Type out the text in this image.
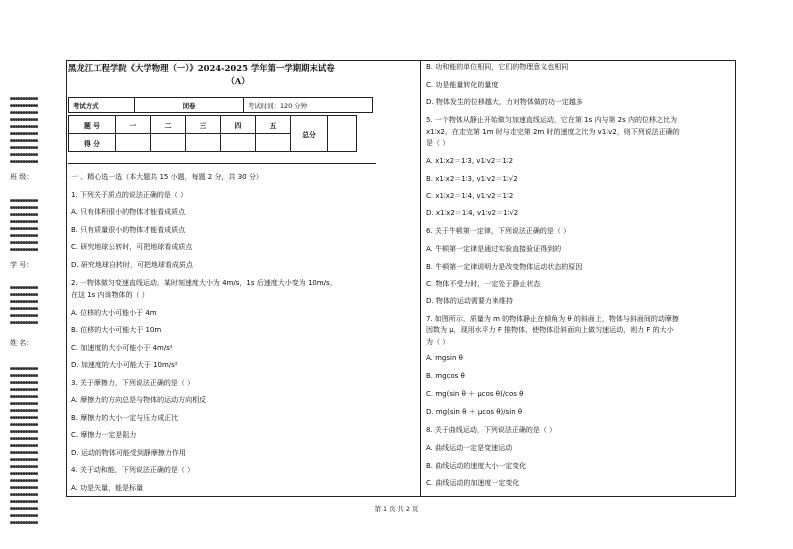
班 级：
学 号：
姓 名：
黑龙江工程学院《大学物理（一）》2024-2025 学年第一学期期末试卷
（A）
考试方式	闭卷	考试时间：120 分钟
题 号	一	二	三	四	五	总分	
得 分							
第 1 页 共 2 页
●●●●●●●●●●●
●●●●●●●●●●●
●●●●●●●●●●●
●●●●●●●●●●●
●●●●●●●●●●●
●●●●●●●●●●●
●●●●●●●●●●●
●●●●●●●●●●●
●●●●●●●●●●●
●●●●●●●●●●●
●●●●●●●●●●●
●●●●●●●●●●●
●●●●●●●●●●●
●●●●●●●●●●●
●●●●●●●●●●●
●●●●●●●●●●●
●●●●●●●●●●●
●●●●●●●●●●●
●●●●●●●●●●●
●●●●●●●●●●●
●●●●●●●●●●●
●●●●●●●●●●●
●●●●●●●●●●●
●●●●●●●●●●●
●●●●●●●●●●●
●●●●●●●●●●●
●●●●●●●●●●●
●●●●●●●●●●●
●●●●●●●●●●●
●●●●●●●●●●●
●●●●●●●●●●●
●●●●●●●●●●●
●●●●●●●●●●●
●●●●●●●●●●●
●●●●●●●●●●●
●●●●●●●●●●●
●●●●●●●●●●●
●●●●●●●●●●●
●●●●●●●●●●●
●●●●●●●●●●●
●●●●●●●●●●●
●●●●●●●●●●●
●●●●●●●●●●●
●●●●●●●●●●●
●●●●●●●●●●●
●●●●●●●●●●●
●●●●●●●●●●●
一 、精心选一选（本大题共 15 小题，每题 2 分，共 30 分）
1. 下列关于质点的说法正确的是（ ）
A. 只有体积很小的物体才能看成质点
B. 只有质量很小的物体才能看成质点
C. 研究地球公转时，可把地球看成质点
D. 研究地球自转时，可把地球看成质点
2. 一物体做匀变速直线运动，某时刻速度大小为 4m/s，1s 后速度大小变为 10m/s，
在这 1s 内该物体的（ ）
A. 位移的大小可能小于 4m
B. 位移的大小可能大于 10m
C. 加速度的大小可能小于 4m/s²
D. 加速度的大小可能大于 10m/s²
3. 关于摩擦力，下列说法正确的是（ ）
A. 摩擦力的方向总是与物体的运动方向相反
B. 摩擦力的大小一定与压力成正比
C. 摩擦力一定是阻力
D. 运动的物体可能受到静摩擦力作用
4. 关于动和能，下列说法正确的是（ ）
A. 功是矢量，能是标量
B. 功和能的单位相同，它们的物理意义也相同
C. 功是能量转化的量度
D. 物体发生的位移越大，力对物体做的功一定越多
5. 一个物体从静止开始做匀加速直线运动，它在第 1s 内与第 2s 内的位移之比为
x1∶x2，在走完第 1m 时与走完第 2m 时的速度之比为 v1∶v2，则下列说法正确的
是（ ）
A. x1∶x2＝1∶3, v1∶v2＝1∶2
B. x1∶x2＝1∶3, v1∶v2＝1∶√2
C. x1∶x2＝1∶4, v1∶v2＝1∶2
D. x1∶x2＝1∶4, v1∶v2＝1∶√2
6. 关于牛顿第一定律，下列说法正确的是（ ）
A. 牛顿第一定律是通过实验直接验证得到的
B. 牛顿第一定律说明力是改变物体运动状态的原因
C. 物体不受力时，一定处于静止状态
D. 物体的运动需要力来维持
7. 如图所示，质量为 m 的物体静止在倾角为 θ 的斜面上，物体与斜面间的动摩擦
因数为 μ，现用水平力 F 推物体，使物体沿斜面向上做匀速运动，则力 F 的大小
为（ ）
A. mgsin θ
B. mgcos θ
C. mg(sin θ ＋ μcos θ)/cos θ
D. mg(sin θ ＋ μcos θ)/sin θ
8. 关于曲线运动，下列说法正确的是（ ）
A. 曲线运动一定是变速运动
B. 曲线运动的速度大小一定变化
C. 曲线运动的加速度一定变化
